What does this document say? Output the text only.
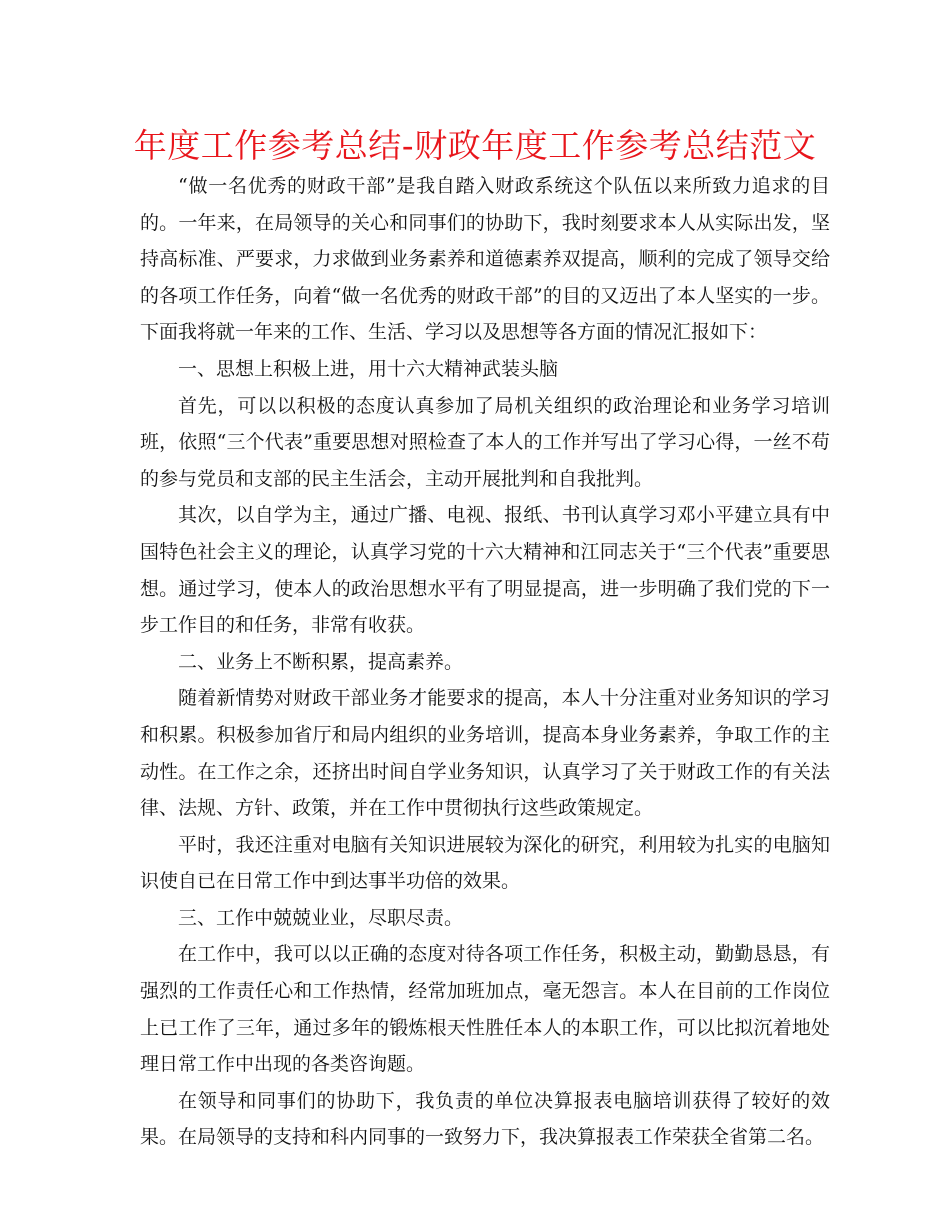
年度工作参考总结-财政年度工作参考总结范文

“做一名优秀的财政干部”是我自踏入财政系统这个队伍以来所致力追求的目的。一年来，在局领导的关心和同事们的协助下，我时刻要求本人从实际出发，坚持高标准、严要求，力求做到业务素养和道德素养双提高，顺利的完成了领导交给的各项工作任务，向着“做一名优秀的财政干部”的目的又迈出了本人坚实的一步。下面我将就一年来的工作、生活、学习以及思想等各方面的情况汇报如下：

一、思想上积极上进，用十六大精神武装头脑

首先，可以以积极的态度认真参加了局机关组织的政治理论和业务学习培训班，依照“三个代表”重要思想对照检查了本人的工作并写出了学习心得，一丝不苟的参与党员和支部的民主生活会，主动开展批判和自我批判。

其次，以自学为主，通过广播、电视、报纸、书刊认真学习邓小平建立具有中国特色社会主义的理论，认真学习党的十六大精神和江同志关于“三个代表”重要思想。通过学习，使本人的政治思想水平有了明显提高，进一步明确了我们党的下一步工作目的和任务，非常有收获。

二、业务上不断积累，提高素养。

随着新情势对财政干部业务才能要求的提高，本人十分注重对业务知识的学习和积累。积极参加省厅和局内组织的业务培训，提高本身业务素养，争取工作的主动性。在工作之余，还挤出时间自学业务知识，认真学习了关于财政工作的有关法律、法规、方针、政策，并在工作中贯彻执行这些政策规定。

平时，我还注重对电脑有关知识进展较为深化的研究，利用较为扎实的电脑知识使自已在日常工作中到达事半功倍的效果。

三、工作中兢兢业业，尽职尽责。

在工作中，我可以以正确的态度对待各项工作任务，积极主动，勤勤恳恳，有强烈的工作责任心和工作热情，经常加班加点，毫无怨言。本人在目前的工作岗位上已工作了三年，通过多年的锻炼根天性胜任本人的本职工作，可以比拟沉着地处理日常工作中出现的各类咨询题。

在领导和同事们的协助下，我负责的单位决算报表电脑培训获得了较好的效果。在局领导的支持和科内同事的一致努力下，我决算报表工作荣获全省第二名。
